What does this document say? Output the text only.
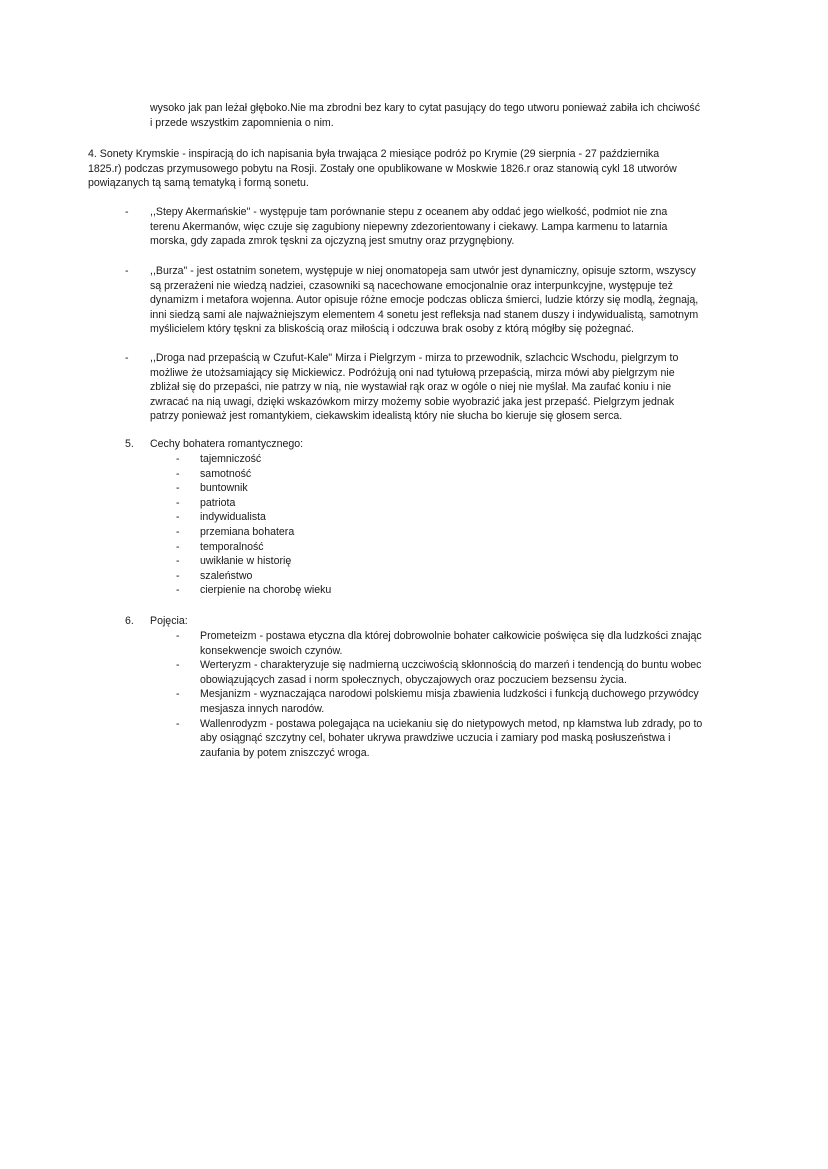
wysoko jak pan leżał głęboko.Nie ma zbrodni bez kary to cytat pasujący do tego utworu ponieważ zabiła ich chciwość

i przede wszystkim zapomnienia o nim.

4. Sonety Krymskie - inspiracją do ich napisania była trwająca 2 miesiące podróż po Krymie (29 sierpnia - 27 października

1825.r) podczas przymusowego pobytu na Rosji. Zostały one opublikowane w Moskwie 1826.r oraz stanowią cykl 18 utworów

powiązanych tą samą tematyką i formą sonetu.

- ,,Stepy Akermańskie" - występuje tam porównanie stepu z oceanem aby oddać jego wielkość, podmiot nie zna

terenu Akermanów, więc czuje się zagubiony niepewny zdezorientowany i ciekawy. Lampa karmenu to latarnia

morska, gdy zapada zmrok tęskni za ojczyzną jest smutny oraz przygnębiony.

- ,,Burza" - jest ostatnim sonetem, występuje w niej onomatopeja sam utwór jest dynamiczny, opisuje sztorm, wszyscy

są przerażeni nie wiedzą nadziei, czasowniki są nacechowane emocjonalnie oraz interpunkcyjne, występuje też

dynamizm i metafora wojenna. Autor opisuje różne emocje podczas oblicza śmierci, ludzie którzy się modlą, żegnają,

inni siedzą sami ale najważniejszym elementem 4 sonetu jest refleksja nad stanem duszy i indywidualistą, samotnym

myślicielem który tęskni za bliskością oraz miłością i odczuwa brak osoby z którą mógłby się pożegnać.

- ,,Droga nad przepaścią w Czufut-Kale" Mirza i Pielgrzym - mirza to przewodnik, szlachcic Wschodu, pielgrzym to

możliwe że utożsamiający się Mickiewicz. Podróżują oni nad tytułową przepaścią, mirza mówi aby pielgrzym nie

zbliżał się do przepaści, nie patrzy w nią, nie wystawiał rąk oraz w ogóle o niej nie myślał. Ma zaufać koniu i nie

zwracać na nią uwagi, dzięki wskazówkom mirzy możemy sobie wyobrazić jaka jest przepaść. Pielgrzym jednak

patrzy ponieważ jest romantykiem, ciekawskim idealistą który nie słucha bo kieruje się głosem serca.

5. Cechy bohatera romantycznego:
- tajemniczość
- samotność
- buntownik
- patriota
- indywidualista
- przemiana bohatera
- temporalność
- uwikłanie w historię
- szaleństwo
- cierpienie na chorobę wieku
6. Pojęcia:
- Prometeizm - postawa etyczna dla której dobrowolnie bohater całkowicie poświęca się dla ludzkości znając
konsekwencje swoich czynów.
- Werteryzm - charakteryzuje się nadmierną uczciwością skłonnością do marzeń i tendencją do buntu wobec
obowiązujących zasad i norm społecznych, obyczajowych oraz poczuciem bezsensu życia.
- Mesjanizm - wyznaczająca narodowi polskiemu misja zbawienia ludzkości i funkcją duchowego przywódcy
mesjasza innych narodów.
- Wallenrodyzm - postawa polegająca na uciekaniu się do nietypowych metod, np kłamstwa lub zdrady, po to
aby osiągnąć szczytny cel, bohater ukrywa prawdziwe uczucia i zamiary pod maską posłuszeństwa i
zaufania by potem zniszczyć wroga.
